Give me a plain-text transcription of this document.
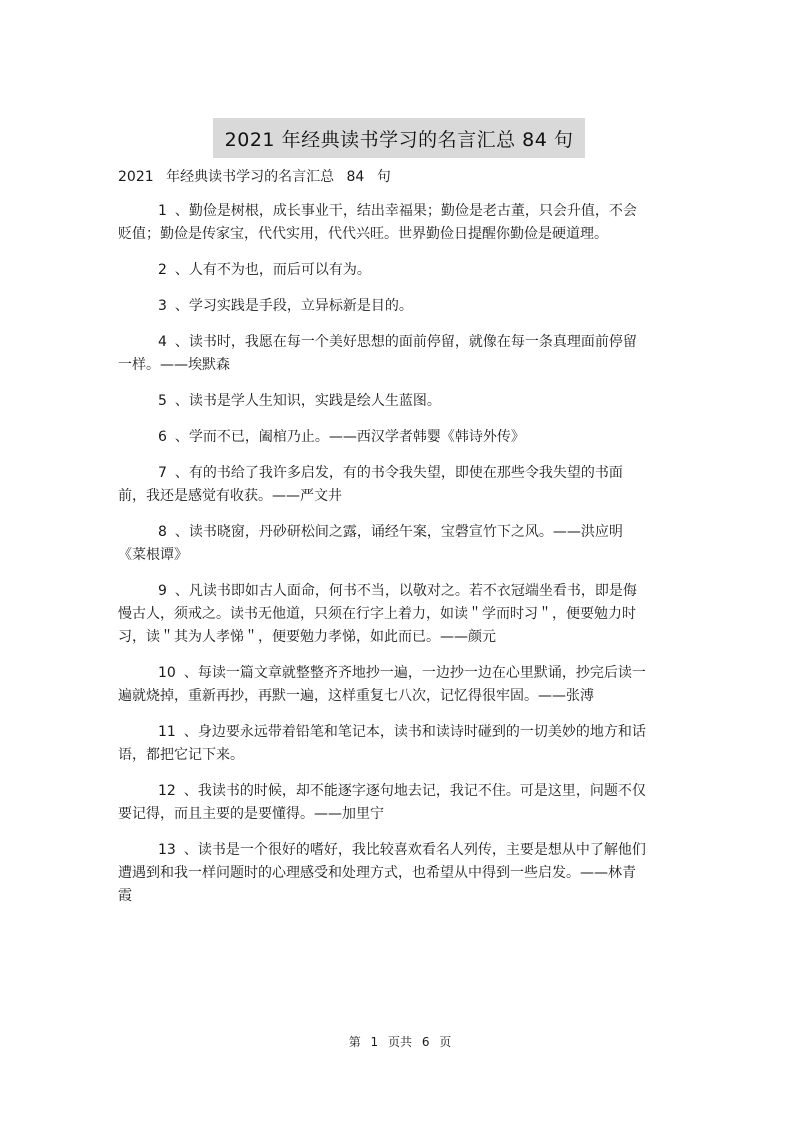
2021 年经典读书学习的名言汇总 84 句
2021 年经典读书学习的名言汇总 84 句

1 、勤俭是树根，成长事业干，结出幸福果；勤俭是老古董，只会升值，不会贬值；勤俭是传家宝，代代实用，代代兴旺。世界勤俭日提醒你勤俭是硬道理。

2 、人有不为也，而后可以有为。

3 、学习实践是手段，立异标新是目的。

4 、读书时，我愿在每一个美好思想的面前停留，就像在每一条真理面前停留一样。——埃默森

5 、读书是学人生知识，实践是绘人生蓝图。

6 、学而不已，阖棺乃止。——西汉学者韩婴《韩诗外传》

7 、有的书给了我许多启发，有的书令我失望，即使在那些令我失望的书面前，我还是感觉有收获。——严文井

8 、读书晓窗，丹砂研松间之露，诵经午案，宝磬宣竹下之风。——洪应明《菜根谭》

9 、凡读书即如古人面命，何书不当，以敬对之。若不衣冠端坐看书，即是侮慢古人，须戒之。读书无他道，只须在行字上着力，如读＂学而时习＂，便要勉力时习，读＂其为人孝悌＂，便要勉力孝悌，如此而已。——颜元

10 、每读一篇文章就整整齐齐地抄一遍，一边抄一边在心里默诵，抄完后读一遍就烧掉，重新再抄，再默一遍，这样重复七八次，记忆得很牢固。——张溥

11 、身边要永远带着铅笔和笔记本，读书和读诗时碰到的一切美妙的地方和话语，都把它记下来。

12 、我读书的时候，却不能逐字逐句地去记，我记不住。可是这里，问题不仅要记得，而且主要的是要懂得。——加里宁

13 、读书是一个很好的嗜好，我比较喜欢看名人列传，主要是想从中了解他们遭遇到和我一样问题时的心理感受和处理方式，也希望从中得到一些启发。——林青霞

第 1 页共 6 页
